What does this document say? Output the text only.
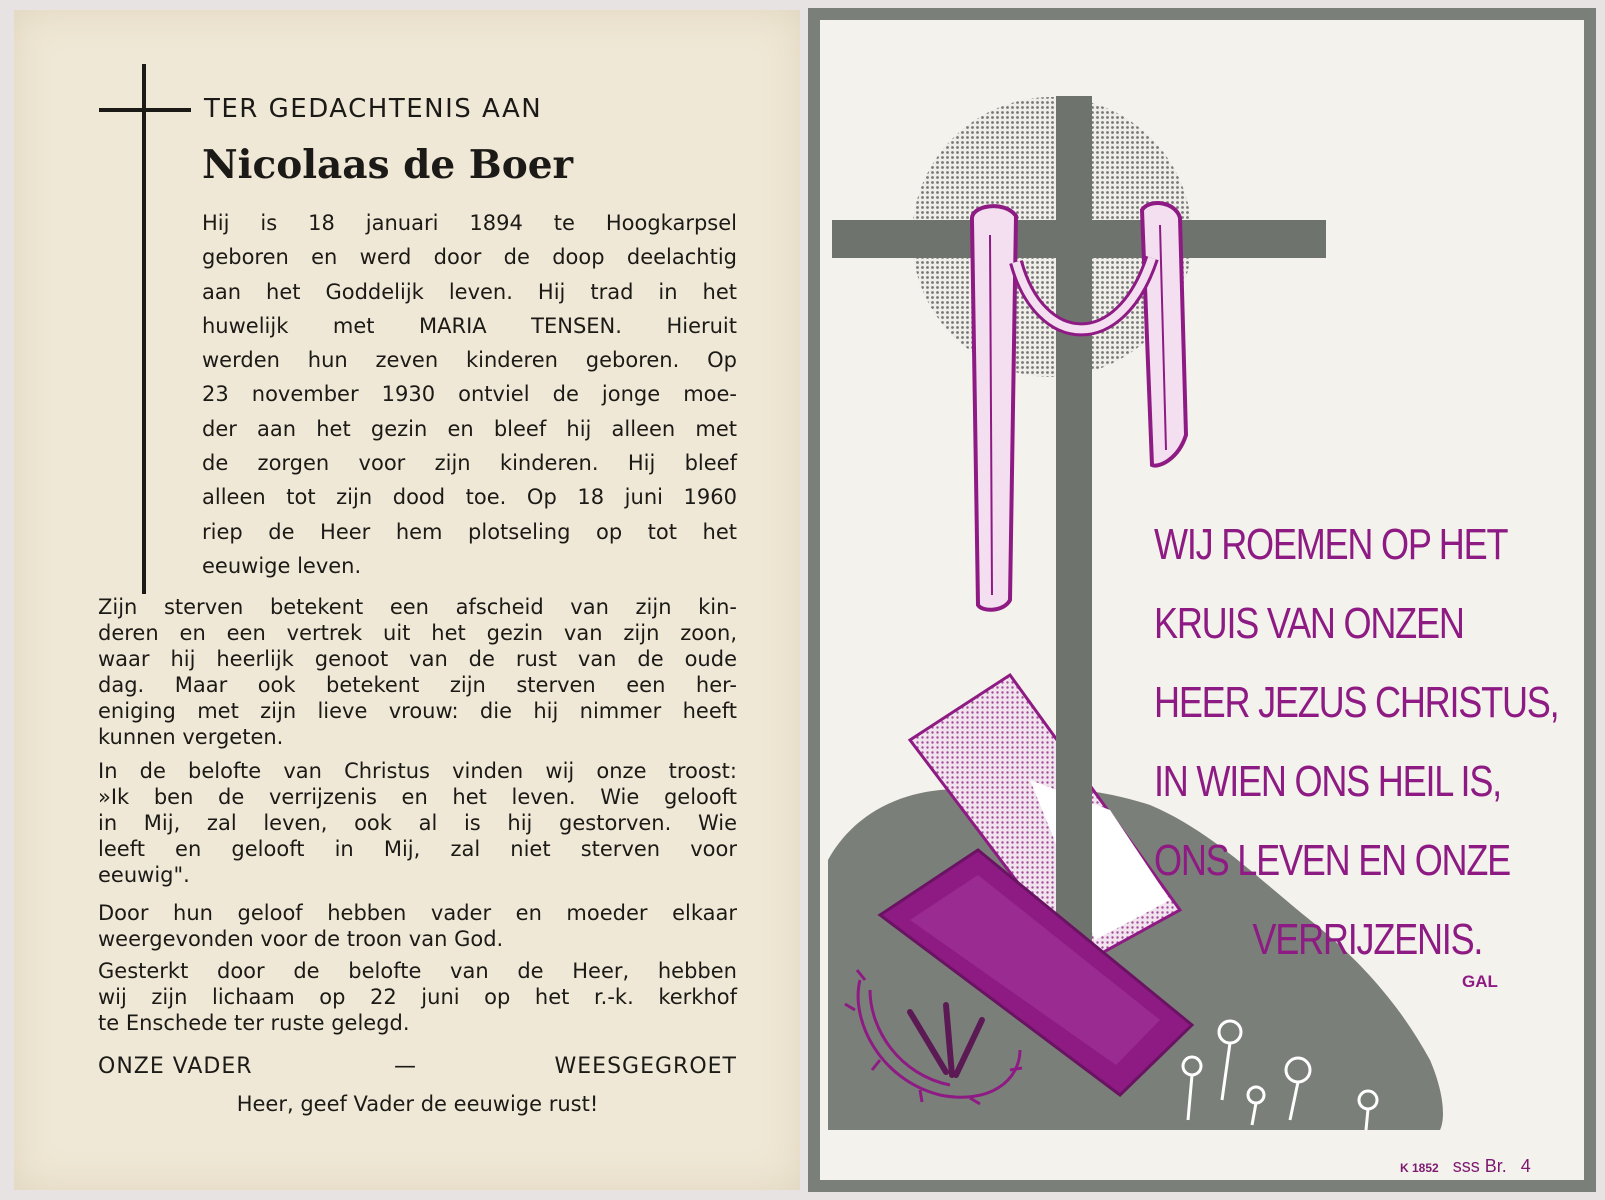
TER GEDACHTENIS AAN
Nicolaas de Boer
Hij is 18 januari 1894 te Hoogkarpsel
geboren en werd door de doop deelachtig
aan het Goddelijk leven. Hij trad in het
huwelijk met MARIA TENSEN. Hieruit
werden hun zeven kinderen geboren. Op
23 november 1930 ontviel de jonge moe-
der aan het gezin en bleef hij alleen met
de zorgen voor zijn kinderen. Hij bleef
alleen tot zijn dood toe. Op 18 juni 1960
riep de Heer hem plotseling op tot het
eeuwige leven.
Zijn sterven betekent een afscheid van zijn kin-
deren en een vertrek uit het gezin van zijn zoon,
waar hij heerlijk genoot van de rust van de oude
dag. Maar ook betekent zijn sterven een her-
eniging met zijn lieve vrouw: die hij nimmer heeft
kunnen vergeten.
In de belofte van Christus vinden wij onze troost:
»Ik ben de verrijzenis en het leven. Wie gelooft
in Mij, zal leven, ook al is hij gestorven. Wie
leeft en gelooft in Mij, zal niet sterven voor
eeuwig".
Door hun geloof hebben vader en moeder elkaar
weergevonden voor de troon van God.
Gesterkt door de belofte van de Heer, hebben
wij zijn lichaam op 22 juni op het r.-k. kerkhof
te Enschede ter ruste gelegd.
ONZE VADER	—	WEESGEGROET
Heer, geef Vader de eeuwige rust!
WIJ ROEMEN OP HET
KRUIS VAN ONZEN
HEER JEZUS CHRISTUS,
IN WIEN ONS HEIL IS,
ONS LEVEN EN ONZE
VERRIJZENIS.
GAL
K 1852 sss Br. 4
